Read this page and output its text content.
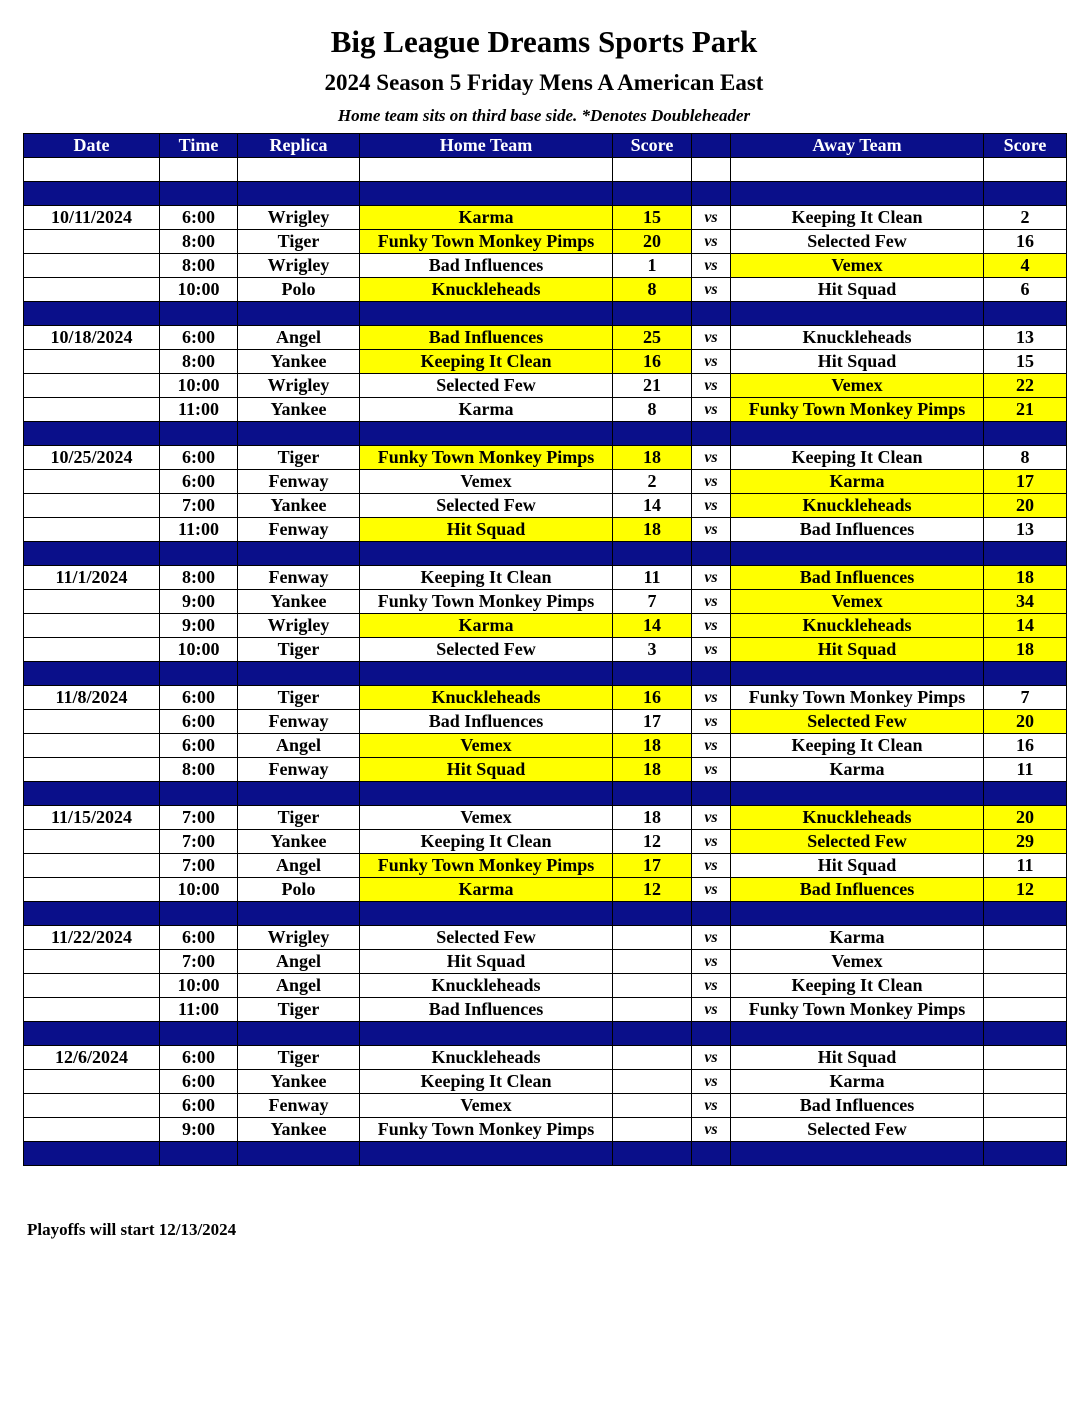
Big League Dreams Sports Park
2024 Season 5 Friday Mens A American East
Home team sits on third base side. *Denotes Doubleheader
Date	Time	Replica	Home Team	Score		Away Team	Score

10/11/2024	6:00	Wrigley	Karma	15	vs	Keeping It Clean	2
	8:00	Tiger	Funky Town Monkey Pimps	20	vs	Selected Few	16
	8:00	Wrigley	Bad Influences	1	vs	Vemex	4
	10:00	Polo	Knuckleheads	8	vs	Hit Squad	6

10/18/2024	6:00	Angel	Bad Influences	25	vs	Knuckleheads	13
	8:00	Yankee	Keeping It Clean	16	vs	Hit Squad	15
	10:00	Wrigley	Selected Few	21	vs	Vemex	22
	11:00	Yankee	Karma	8	vs	Funky Town Monkey Pimps	21

10/25/2024	6:00	Tiger	Funky Town Monkey Pimps	18	vs	Keeping It Clean	8
	6:00	Fenway	Vemex	2	vs	Karma	17
	7:00	Yankee	Selected Few	14	vs	Knuckleheads	20
	11:00	Fenway	Hit Squad	18	vs	Bad Influences	13

11/1/2024	8:00	Fenway	Keeping It Clean	11	vs	Bad Influences	18
	9:00	Yankee	Funky Town Monkey Pimps	7	vs	Vemex	34
	9:00	Wrigley	Karma	14	vs	Knuckleheads	14
	10:00	Tiger	Selected Few	3	vs	Hit Squad	18

11/8/2024	6:00	Tiger	Knuckleheads	16	vs	Funky Town Monkey Pimps	7
	6:00	Fenway	Bad Influences	17	vs	Selected Few	20
	6:00	Angel	Vemex	18	vs	Keeping It Clean	16
	8:00	Fenway	Hit Squad	18	vs	Karma	11

11/15/2024	7:00	Tiger	Vemex	18	vs	Knuckleheads	20
	7:00	Yankee	Keeping It Clean	12	vs	Selected Few	29
	7:00	Angel	Funky Town Monkey Pimps	17	vs	Hit Squad	11
	10:00	Polo	Karma	12	vs	Bad Influences	12

11/22/2024	6:00	Wrigley	Selected Few		vs	Karma	
	7:00	Angel	Hit Squad		vs	Vemex	
	10:00	Angel	Knuckleheads		vs	Keeping It Clean	
	11:00	Tiger	Bad Influences		vs	Funky Town Monkey Pimps	

12/6/2024	6:00	Tiger	Knuckleheads		vs	Hit Squad	
	6:00	Yankee	Keeping It Clean		vs	Karma	
	6:00	Fenway	Vemex		vs	Bad Influences	
	9:00	Yankee	Funky Town Monkey Pimps		vs	Selected Few	

Playoffs will start 12/13/2024
